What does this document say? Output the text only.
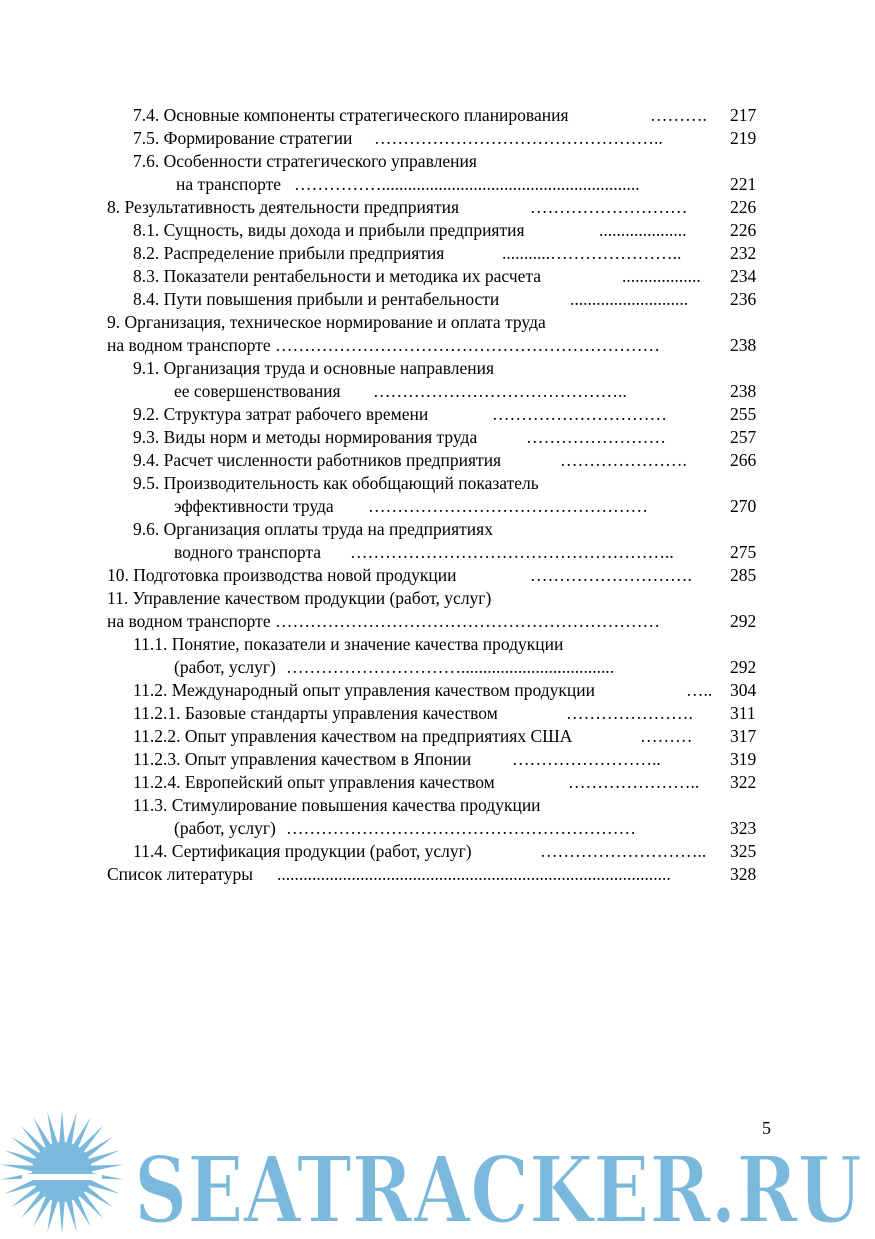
7.4. Основные компоненты стратегического планирования	……….	217
7.5. Формирование стратегии …………………………………………..	219
7.6. Особенности стратегического управления
на транспорте ……………...........................................................	221
8. Результативность деятельности предприятия	………………………	226
8.1. Сущность, виды дохода и прибыли предприятия	....................	226
8.2. Распределение прибыли предприятия	...........…………………..	232
8.3. Показатели рентабельности и методика их расчета	..................	234
8.4. Пути повышения прибыли и рентабельности	...........................	236
9. Организация, техническое нормирование и оплата труда
на водном транспорте …………………………………………………………	238
9.1. Организация труда и основные направления
ее совершенствования ……………………………………..	238
9.2. Структура затрат рабочего времени	…………………………	255
9.3. Виды норм и методы нормирования труда	……………………	257
9.4. Расчет численности работников предприятия	………………….	266
9.5. Производительность как обобщающий показатель
эффективности труда …………………………………………	270
9.6. Организация оплаты труда на предприятиях
водного транспорта ………………………………………………..	275
10. Подготовка производства новой продукции	……………………….	285
11. Управление качеством продукции (работ, услуг)
на водном транспорте …………………………………………………………	292
11.1. Понятие, показатели и значение качества продукции
(работ, услуг) …………………………...................................	292
11.2. Международный опыт управления качеством продукции	…..	304
11.2.1. Базовые стандарты управления качеством	………………….	311
11.2.2. Опыт управления качеством на предприятиях США	………	317
11.2.3. Опыт управления качеством в Японии ……………………..	319
11.2.4. Европейский опыт управления качеством	…………………..	322
11.3. Стимулирование повышения качества продукции
(работ, услуг) ……………………………………………………	323
11.4. Сертификация продукции (работ, услуг)	………………………..	325
Список литературы ..........................................................................................	328
5
SEATRACKER.RU
